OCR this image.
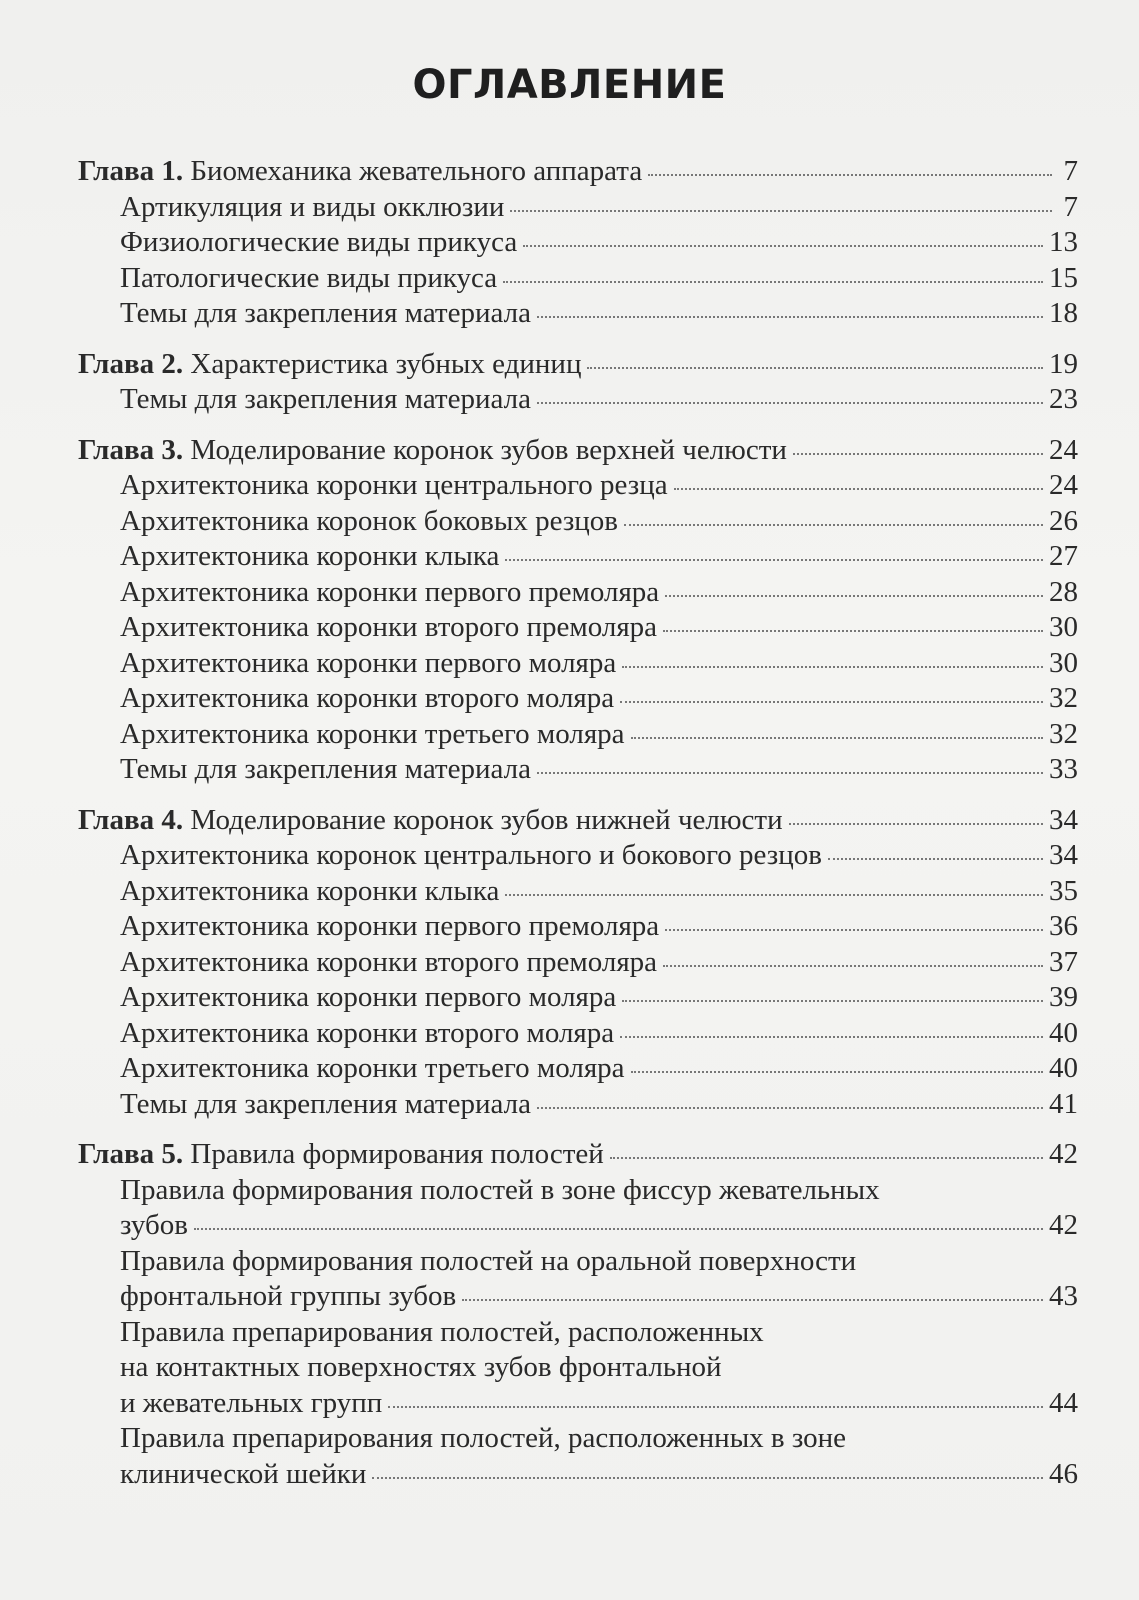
ОГЛАВЛЕНИЕ
Глава 1. Биомеханика жевательного аппарата	7
Артикуляция и виды окклюзии	7
Физиологические виды прикуса	13
Патологические виды прикуса	15
Темы для закрепления материала	18
Глава 2. Характеристика зубных единиц	19
Темы для закрепления материала	23
Глава 3. Моделирование коронок зубов верхней челюсти	24
Архитектоника коронки центрального резца	24
Архитектоника коронок боковых резцов	26
Архитектоника коронки клыка	27
Архитектоника коронки первого премоляра	28
Архитектоника коронки второго премоляра	30
Архитектоника коронки первого моляра	30
Архитектоника коронки второго моляра	32
Архитектоника коронки третьего моляра	32
Темы для закрепления материала	33
Глава 4. Моделирование коронок зубов нижней челюсти	34
Архитектоника коронок центрального и бокового резцов	34
Архитектоника коронки клыка	35
Архитектоника коронки первого премоляра	36
Архитектоника коронки второго премоляра	37
Архитектоника коронки первого моляра	39
Архитектоника коронки второго моляра	40
Архитектоника коронки третьего моляра	40
Темы для закрепления материала	41
Глава 5. Правила формирования полостей	42
Правила формирования полостей в зоне фиссур жевательных
зубов	42
Правила формирования полостей на оральной поверхности
фронтальной группы зубов	43
Правила препарирования полостей, расположенных
на контактных поверхностях зубов фронтальной
и жевательных групп	44
Правила препарирования полостей, расположенных в зоне
клинической шейки	46
